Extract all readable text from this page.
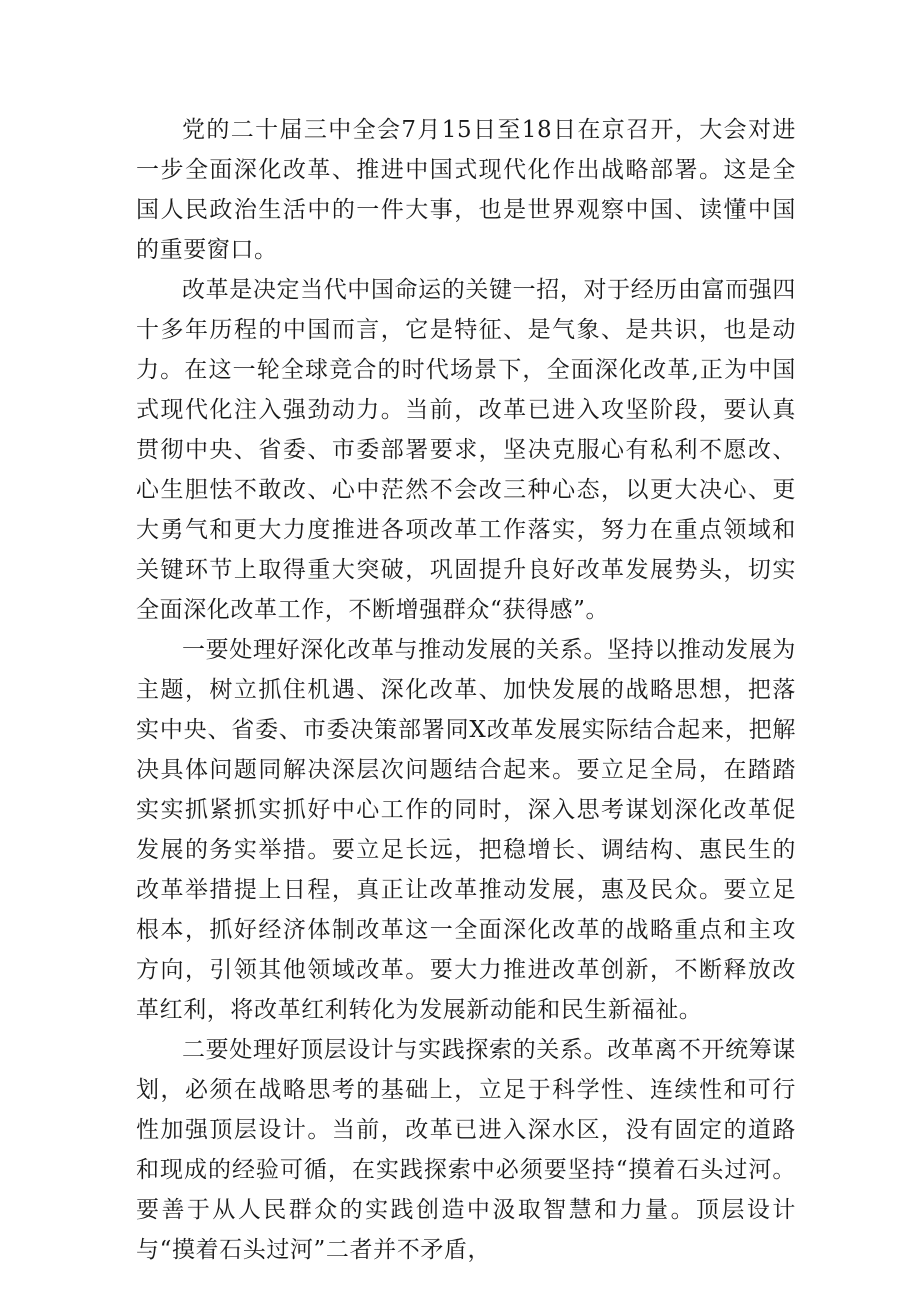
党的二十届三中全会7月15日至18日在京召开，大会对进一步全面深化改革、推进中国式现代化作出战略部署。这是全国人民政治生活中的一件大事，也是世界观察中国、读懂中国的重要窗口。

改革是决定当代中国命运的关键一招，对于经历由富而强四十多年历程的中国而言，它是特征、是气象、是共识，也是动力。在这一轮全球竞合的时代场景下，全面深化改革,正为中国式现代化注入强劲动力。当前，改革已进入攻坚阶段，要认真贯彻中央、省委、市委部署要求，坚决克服心有私利不愿改、心生胆怯不敢改、心中茫然不会改三种心态，以更大决心、更大勇气和更大力度推进各项改革工作落实，努力在重点领域和关键环节上取得重大突破，巩固提升良好改革发展势头，切实全面深化改革工作，不断增强群众“获得感”。

一要处理好深化改革与推动发展的关系。坚持以推动发展为主题，树立抓住机遇、深化改革、加快发展的战略思想，把落实中央、省委、市委决策部署同X改革发展实际结合起来，把解决具体问题同解决深层次问题结合起来。要立足全局，在踏踏实实抓紧抓实抓好中心工作的同时，深入思考谋划深化改革促发展的务实举措。要立足长远，把稳增长、调结构、惠民生的改革举措提上日程，真正让改革推动发展，惠及民众。要立足根本，抓好经济体制改革这一全面深化改革的战略重点和主攻方向，引领其他领域改革。要大力推进改革创新，不断释放改革红利，将改革红利转化为发展新动能和民生新福祉。

二要处理好顶层设计与实践探索的关系。改革离不开统筹谋划，必须在战略思考的基础上，立足于科学性、连续性和可行性加强顶层设计。当前，改革已进入深水区，没有固定的道路和现成的经验可循，在实践探索中必须要坚持“摸着石头过河。要善于从人民群众的实践创造中汲取智慧和力量。顶层设计与“摸着石头过河”二者并不矛盾，
